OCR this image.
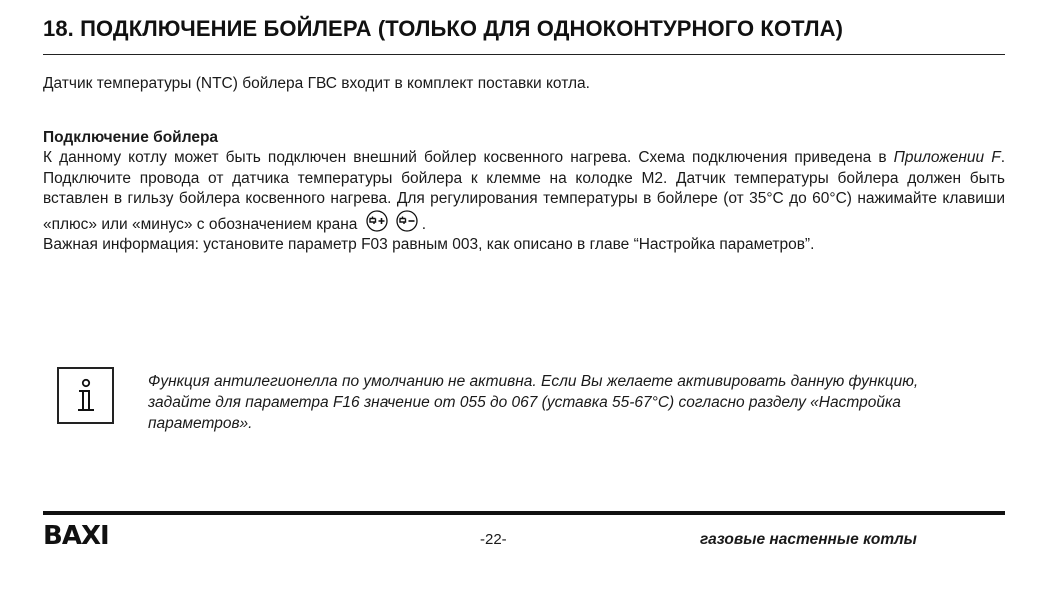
18. ПОДКЛЮЧЕНИЕ БОЙЛЕРА (ТОЛЬКО ДЛЯ ОДНОКОНТУРНОГО КОТЛА)

Датчик температуры (NTC) бойлера ГВС входит в комплект поставки котла.

Подключение бойлера
К данному котлу может быть подключен внешний бойлер косвенного нагрева. Схема подключения приведена в Приложении F. Подключите провода от датчика температуры бойлера к клемме на колодке M2. Датчик температуры бойлера должен быть вставлен в гильзу бойлера косвенного нагрева. Для регулирования температуры в бойлере (от 35°C до 60°C) нажимайте клавиши «плюс» или «минус» с обозначением крана	.
Важная информация: установите параметр F03 равным 003, как описано в главе “Настройка параметров”.

Функция антилегионелла по умолчанию не активна. Если Вы желаете активировать данную функцию, задайте для параметра F16 значение от 055 до 067 (уставка 55-67°C) согласно разделу «Настройка параметров».

BAXI	-22-	газовые настенные котлы
